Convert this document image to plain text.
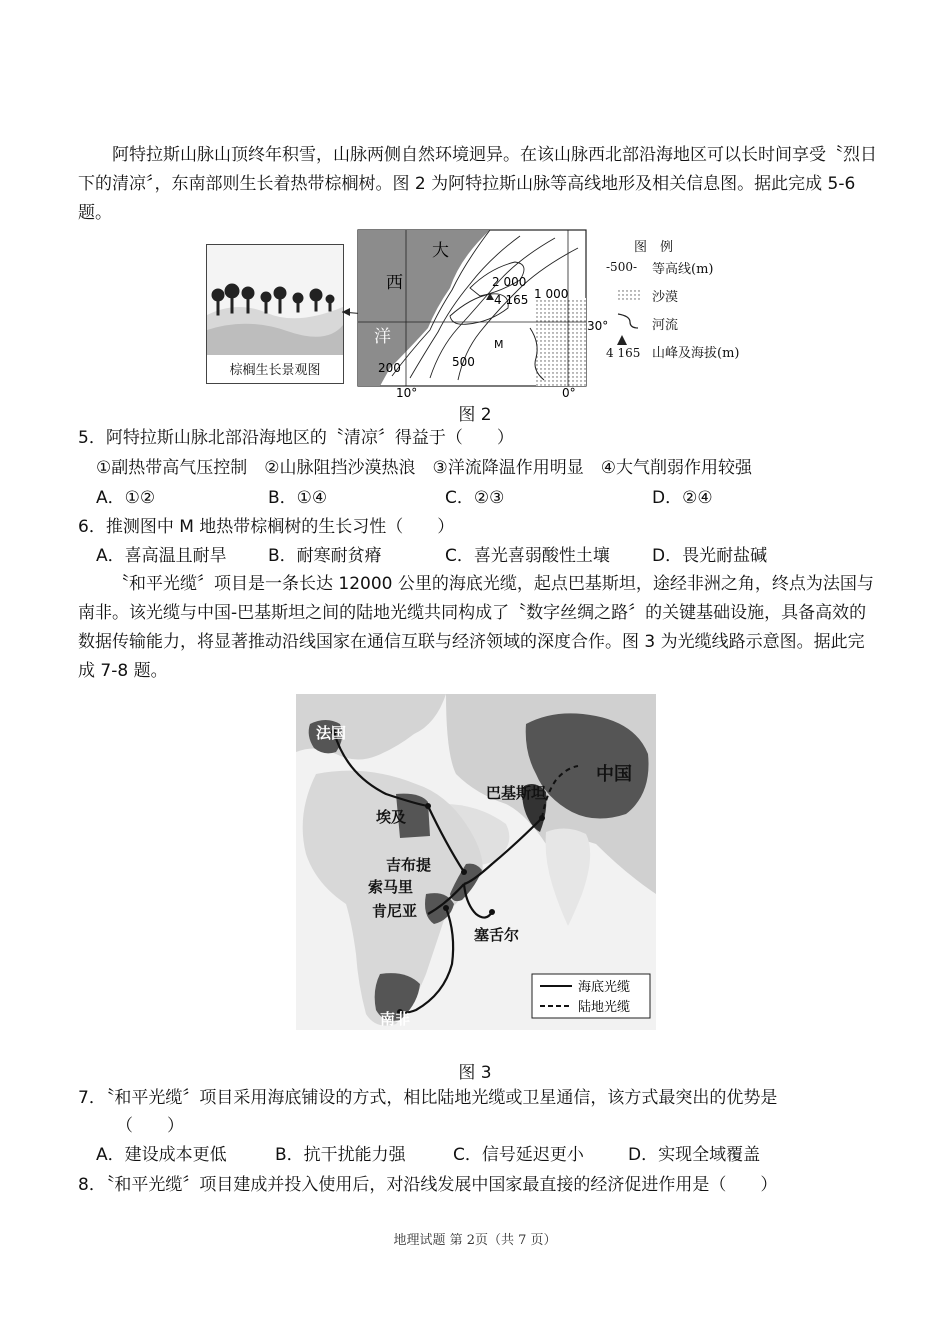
阿特拉斯山脉山顶终年积雪，山脉两侧自然环境迥异。在该山脉西北部沿海地区可以长时间享受〝烈日下的清凉〞，东南部则生长着热带棕榈树。图 2 为阿特拉斯山脉等高线地形及相关信息图。据此完成 5-6 题。

棕榈生长景观图
大
西
洋
2 000
1 000
4 165
M
500
200
30°
10°	0°
图　例
-500- 等高线(m)
沙漠
河流
4 165 山峰及海拔(m)
图 2
5．阿特拉斯山脉北部沿海地区的〝清凉〞得益于（　　）
①副热带高气压控制　②山脉阻挡沙漠热浪　③洋流降温作用明显　④大气削弱作用较强
A．①②	B．①④	C．②③	D．②④
6．推测图中 M 地热带棕榈树的生长习性（　　）
A．喜高温且耐旱 B．耐寒耐贫瘠	C．喜光喜弱酸性土壤 D．畏光耐盐碱

〝和平光缆〞项目是一条长达 12000 公里的海底光缆，起点巴基斯坦，途经非洲之角，终点为法国与南非。该光缆与中国-巴基斯坦之间的陆地光缆共同构成了〝数字丝绸之路〞的关键基础设施，具备高效的数据传输能力，将显著推动沿线国家在通信互联与经济领域的深度合作。图 3 为光缆线路示意图。据此完成 7-8 题。

法国
中国
巴基斯坦
埃及
吉布提
索马里
肯尼亚
塞舌尔
南非
海底光缆
陆地光缆
图 3
7．〝和平光缆〞项目采用海底铺设的方式，相比陆地光缆或卫星通信，该方式最突出的优势是
（　　）
A．建设成本更低	B．抗干扰能力强	C．信号延迟更小	D．实现全域覆盖
8．〝和平光缆〞项目建成并投入使用后，对沿线发展中国家最直接的经济促进作用是（　　）
地理试题 第 2页（共 7 页）
